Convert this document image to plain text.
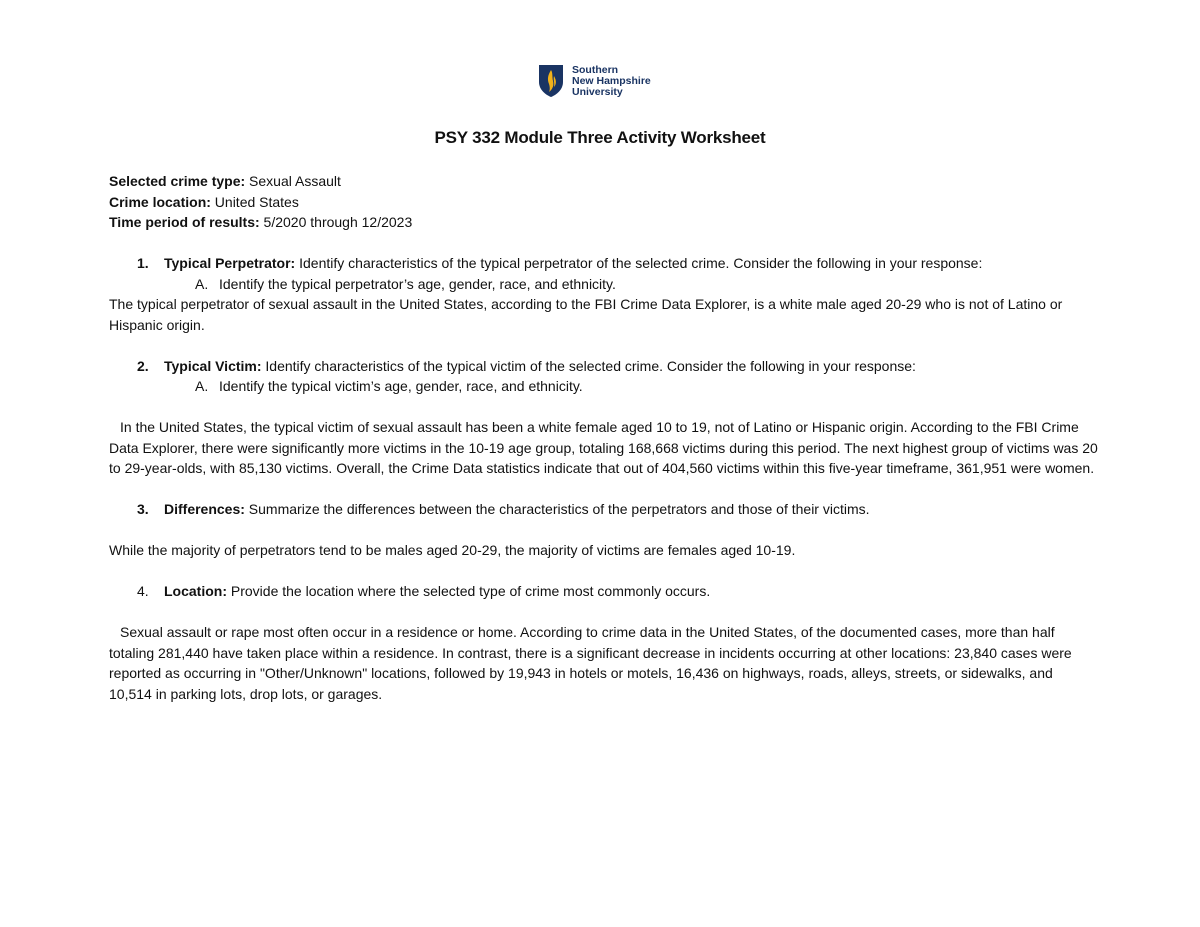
Southern
New Hampshire
University
PSY 332 Module Three Activity Worksheet

Selected crime type: Sexual Assault

Crime location: United States

Time period of results: 5/2020 through 12/2023

1. Typical Perpetrator: Identify characteristics of the typical perpetrator of the selected crime. Consider the following in your response:

A. Identify the typical perpetrator’s age, gender, race, and ethnicity.

The typical perpetrator of sexual assault in the United States, according to the FBI Crime Data Explorer, is a white male aged 20-29 who is not of Latino or Hispanic origin.

2. Typical Victim: Identify characteristics of the typical victim of the selected crime. Consider the following in your response:

A. Identify the typical victim’s age, gender, race, and ethnicity.

In the United States, the typical victim of sexual assault has been a white female aged 10 to 19, not of Latino or Hispanic origin. According to the FBI Crime Data Explorer, there were significantly more victims in the 10-19 age group, totaling 168,668 victims during this period. The next highest group of victims was 20 to 29-year-olds, with 85,130 victims. Overall, the Crime Data statistics indicate that out of 404,560 victims within this five-year timeframe, 361,951 were women.

3. Differences: Summarize the differences between the characteristics of the perpetrators and those of their victims.

While the majority of perpetrators tend to be males aged 20-29, the majority of victims are females aged 10-19.

4. Location: Provide the location where the selected type of crime most commonly occurs.

Sexual assault or rape most often occur in a residence or home. According to crime data in the United States, of the documented cases, more than half totaling 281,440 have taken place within a residence. In contrast, there is a significant decrease in incidents occurring at other locations: 23,840 cases were reported as occurring in "Other/Unknown" locations, followed by 19,943 in hotels or motels, 16,436 on highways, roads, alleys, streets, or sidewalks, and 10,514 in parking lots, drop lots, or garages.
